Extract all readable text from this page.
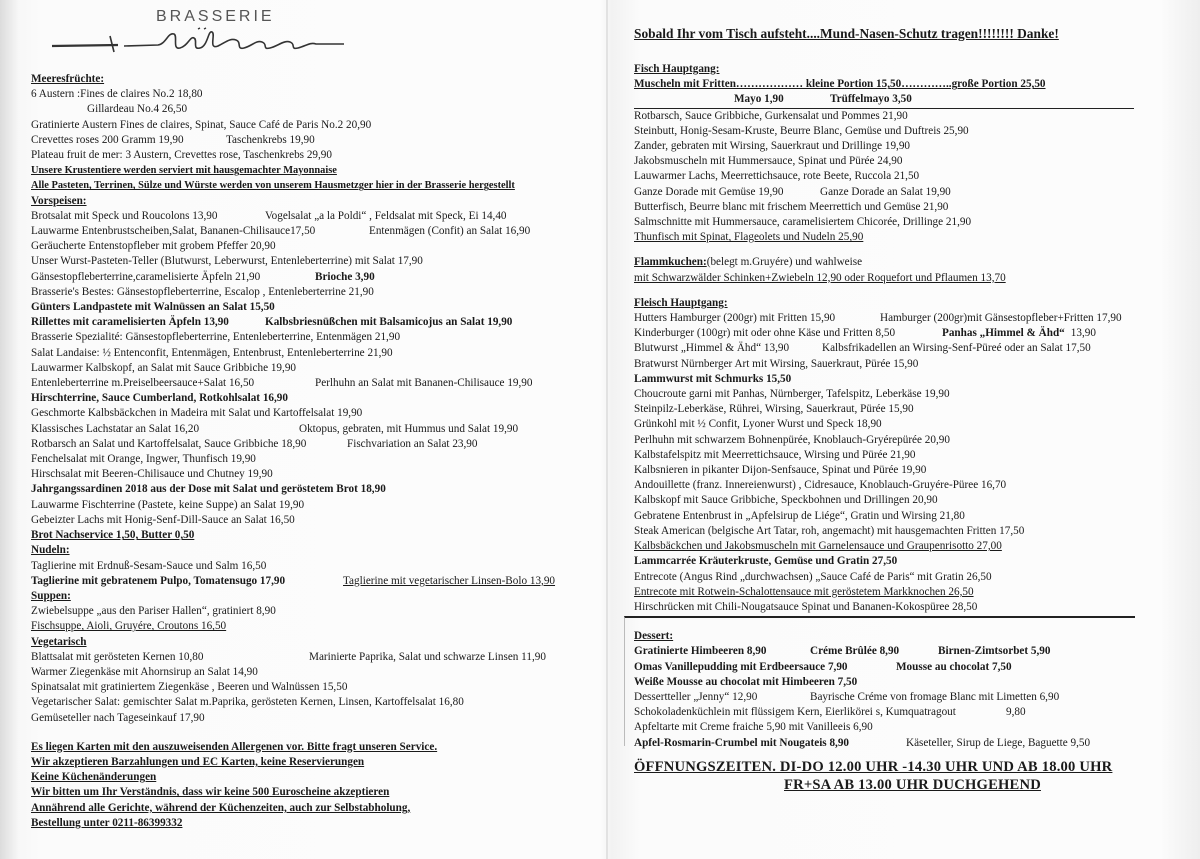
BRASSERIE
Meeresfrüchte:
6 Austern :Fines de claires No.2 18,80
Gillardeau No.4 26,50
Gratinierte Austern Fines de claires, Spinat, Sauce Café de Paris No.2 20,90
Crevettes roses 200 Gramm 19,90	Taschenkrebs 19,90
Plateau fruit de mer: 3 Austern, Crevettes rose, Taschenkrebs 29,90
Unsere Krustentiere werden serviert mit hausgemachter Mayonnaise
Alle Pasteten, Terrinen, Sülze und Würste werden von unserem Hausmetzger hier in der Brasserie hergestellt
Vorspeisen:
Brotsalat mit Speck und Roucolons 13,90	Vogelsalat „a la Poldi“ , Feldsalat mit Speck, Ei 14,40
Lauwarme Entenbrustscheiben,Salat, Bananen-Chilisauce17,50	Entenmägen (Confit) an Salat 16,90
Geräucherte Entenstopfleber mit grobem Pfeffer 20,90
Unser Wurst-Pasteten-Teller (Blutwurst, Leberwurst, Entenleberterrine) mit Salat 17,90
Gänsestopfleberterrine,caramelisierte Äpfeln 21,90	Brioche 3,90
Brasserie's Bestes: Gänsestopfleberterrine, Escalop , Entenleberterrine 21,90
Günters Landpastete mit Walnüssen an Salat 15,50
Rillettes mit caramelisierten Äpfeln 13,90	Kalbsbriesnüßchen mit Balsamicojus an Salat 19,90
Brasserie Spezialité: Gänsestopfleberterrine, Entenleberterrine, Entenmägen 21,90
Salat Landaise: ½ Entenconfit, Entenmägen, Entenbrust, Entenleberterrine 21,90
Lauwarmer Kalbskopf, an Salat mit Sauce Gribbiche 19,90
Entenleberterrine m.Preiselbeersauce+Salat 16,50	Perlhuhn an Salat mit Bananen-Chilisauce 19,90
Hirschterrine, Sauce Cumberland, Rotkohlsalat 16,90
Geschmorte Kalbsbäckchen in Madeira mit Salat und Kartoffelsalat 19,90
Klassisches Lachstatar an Salat 16,20	Oktopus, gebraten, mit Hummus und Salat 19,90
Rotbarsch an Salat und Kartoffelsalat, Sauce Gribbiche 18,90	Fischvariation an Salat 23,90
Fenchelsalat mit Orange, Ingwer, Thunfisch 19,90
Hirschsalat mit Beeren-Chilisauce und Chutney 19,90
Jahrgangssardinen 2018 aus der Dose mit Salat und geröstetem Brot 18,90
Lauwarme Fischterrine (Pastete, keine Suppe) an Salat 19,90
Gebeizter Lachs mit Honig-Senf-Dill-Sauce an Salat 16,50
Brot Nachservice 1,50, Butter 0,50
Nudeln:
Taglierine mit Erdnuß-Sesam-Sauce und Salm 16,50
Taglierine mit gebratenem Pulpo, Tomatensugo 17,90	Taglierine mit vegetarischer Linsen-Bolo 13,90
Suppen:
Zwiebelsuppe „aus den Pariser Hallen“, gratiniert 8,90
Fischsuppe, Aioli, Gruyére, Croutons 16,50
Vegetarisch
Blattsalat mit gerösteten Kernen 10,80	Marinierte Paprika, Salat und schwarze Linsen 11,90
Warmer Ziegenkäse mit Ahornsirup an Salat 14,90
Spinatsalat mit gratiniertem Ziegenkäse , Beeren und Walnüssen 15,50
Vegetarischer Salat: gemischter Salat m.Paprika, gerösteten Kernen, Linsen, Kartoffelsalat 16,80
Gemüseteller nach Tageseinkauf 17,90
Es liegen Karten mit den auszuweisenden Allergenen vor. Bitte fragt unseren Service.
Wir akzeptieren Barzahlungen und EC Karten, keine Reservierungen
Keine Küchenänderungen
Wir bitten um Ihr Verständnis, dass wir keine 500 Euroscheine akzeptieren
Annährend alle Gerichte, während der Küchenzeiten, auch zur Selbstabholung,
Bestellung unter 0211-86399332
Sobald Ihr vom Tisch aufsteht....Mund-Nasen-Schutz tragen!!!!!!!! Danke!
Fisch Hauptgang:
Muscheln mit Fritten……………… kleine Portion 15,50…………..große Portion 25,50
Mayo 1,90	Trüffelmayo 3,50
Rotbarsch, Sauce Gribbiche, Gurkensalat und Pommes 21,90
Steinbutt, Honig-Sesam-Kruste, Beurre Blanc, Gemüse und Duftreis 25,90
Zander, gebraten mit Wirsing, Sauerkraut und Drillinge 19,90
Jakobsmuscheln mit Hummersauce, Spinat und Pürée 24,90
Lauwarmer Lachs, Meerrettichsauce, rote Beete, Ruccola 21,50
Ganze Dorade mit Gemüse 19,90	Ganze Dorade an Salat 19,90
Butterfisch, Beurre blanc mit frischem Meerrettich und Gemüse 21,90
Salmschnitte mit Hummersauce, caramelisiertem Chicorée, Drillinge 21,90
Thunfisch mit Spinat, Flageolets und Nudeln 25,90
Flammkuchen:(belegt m.Gruyére) und wahlweise
mit Schwarzwälder Schinken+Zwiebeln 12,90 oder Roquefort und Pflaumen 13,70
Fleisch Hauptgang:
Hutters Hamburger (200gr) mit Fritten 15,90	Hamburger (200gr)mit Gänsestopfleber+Fritten 17,90
Kinderburger (100gr) mit oder ohne Käse und Fritten 8,50	Panhas „Himmel & Ähd“ 13,90
Blutwurst „Himmel & Ähd“ 13,90	Kalbsfrikadellen an Wirsing-Senf-Püreé oder an Salat 17,50
Bratwurst Nürnberger Art mit Wirsing, Sauerkraut, Pürée 15,90
Lammwurst mit Schmurks 15,50
Choucroute garni mit Panhas, Nürnberger, Tafelspitz, Leberkäse 19,90
Steinpilz-Leberkäse, Rührei, Wirsing, Sauerkraut, Pürée 15,90
Grünkohl mit ½ Confit, Lyoner Wurst und Speck 18,90
Perlhuhn mit schwarzem Bohnenpürée, Knoblauch-Gryérepürée 20,90
Kalbstafelspitz mit Meerrettichsauce, Wirsing und Pürée 21,90
Kalbsnieren in pikanter Dijon-Senfsauce, Spinat und Pürée 19,90
Andouillette (franz. Innereienwurst) , Cidresauce, Knoblauch-Gruyére-Püree 16,70
Kalbskopf mit Sauce Gribbiche, Speckbohnen und Drillingen 20,90
Gebratene Entenbrust in „Apfelsirup de Liége“, Gratin und Wirsing 21,80
Steak American (belgische Art Tatar, roh, angemacht) mit hausgemachten Fritten 17,50
Kalbsbäckchen und Jakobsmuscheln mit Garnelensauce und Graupenrisotto 27,00
Lammcarrée Kräuterkruste, Gemüse und Gratin 27,50
Entrecote (Angus Rind „durchwachsen) „Sauce Café de Paris“ mit Gratin 26,50
Entrecote mit Rotwein-Schalottensauce mit geröstetem Markknochen 26,50
Hirschrücken mit Chili-Nougatsauce Spinat und Bananen-Kokospüree 28,50
Dessert:
Gratinierte Himbeeren 8,90	Créme Brûlée 8,90	Birnen-Zimtsorbet 5,90
Omas Vanillepudding mit Erdbeersauce 7,90	Mousse au chocolat 7,50
Weiße Mousse au chocolat mit Himbeeren 7,50
Dessertteller „Jenny“ 12,90	Bayrische Créme von fromage Blanc mit Limetten 6,90
Schokoladenküchlein mit flüssigem Kern, Eierlikörei s, Kumquatragout	9,80
Apfeltarte mit Creme fraiche 5,90 mit Vanilleeis 6,90
Apfel-Rosmarin-Crumbel mit Nougateis 8,90	Käseteller, Sirup de Liege, Baguette 9,50
ÖFFNUNGSZEITEN. DI-DO 12.00 UHR -14.30 UHR UND AB 18.00 UHR
FR+SA AB 13.00 UHR DUCHGEHEND
